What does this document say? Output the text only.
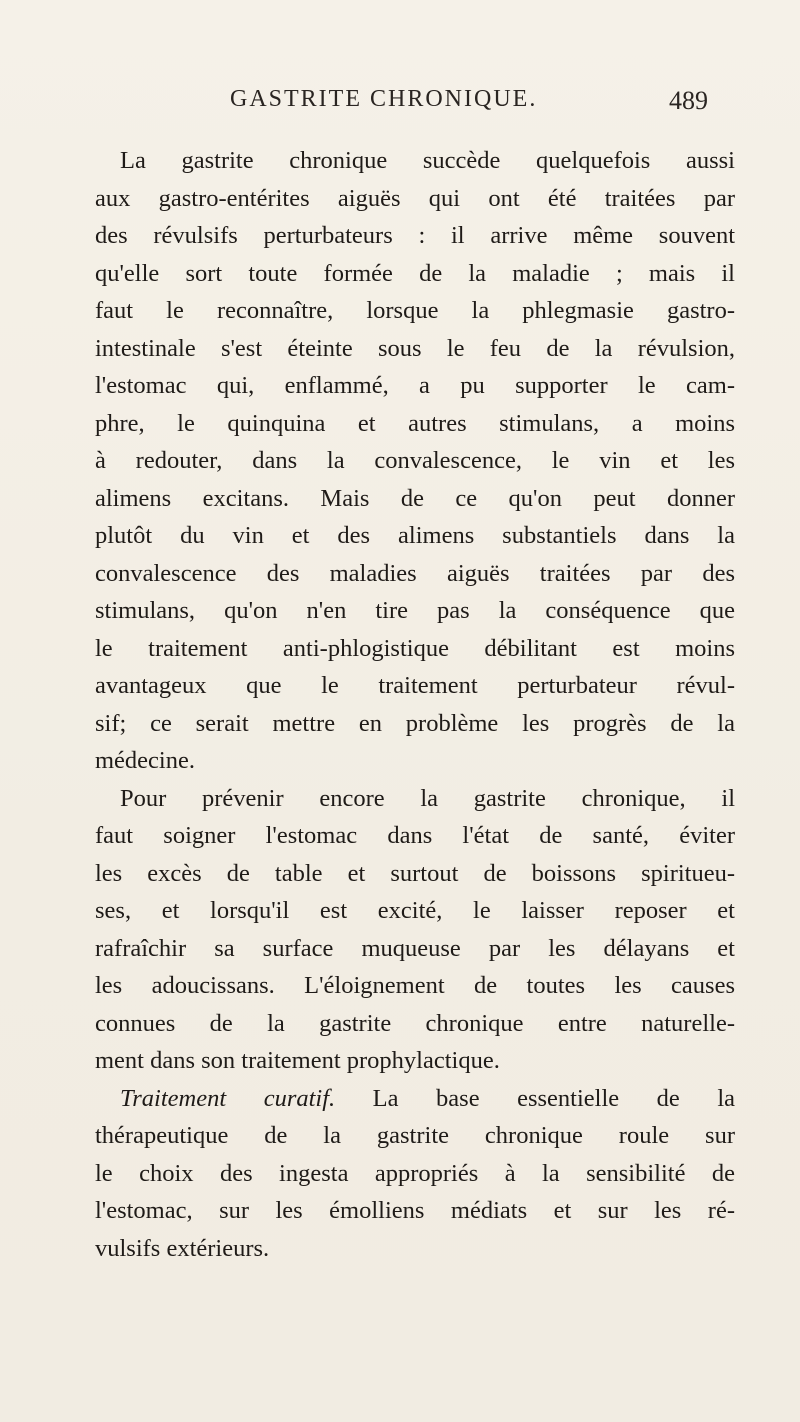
GASTRITE CHRONIQUE.	489
La gastrite chronique succède quelquefois aussi
aux gastro-entérites aiguës qui ont été traitées par
des révulsifs perturbateurs : il arrive même souvent
qu'elle sort toute formée de la maladie ; mais il
faut le reconnaître, lorsque la phlegmasie gastro-
intestinale s'est éteinte sous le feu de la révulsion,
l'estomac qui, enflammé, a pu supporter le cam-
phre, le quinquina et autres stimulans, a moins
à redouter, dans la convalescence, le vin et les
alimens excitans. Mais de ce qu'on peut donner
plutôt du vin et des alimens substantiels dans la
convalescence des maladies aiguës traitées par des
stimulans, qu'on n'en tire pas la conséquence que
le traitement anti-phlogistique débilitant est moins
avantageux que le traitement perturbateur révul-
sif; ce serait mettre en problème les progrès de la
médecine.
Pour prévenir encore la gastrite chronique, il
faut soigner l'estomac dans l'état de santé, éviter
les excès de table et surtout de boissons spiritueu-
ses, et lorsqu'il est excité, le laisser reposer et
rafraîchir sa surface muqueuse par les délayans et
les adoucissans. L'éloignement de toutes les causes
connues de la gastrite chronique entre naturelle-
ment dans son traitement prophylactique.
Traitement curatif. La base essentielle de la
thérapeutique de la gastrite chronique roule sur
le choix des ingesta appropriés à la sensibilité de
l'estomac, sur les émolliens médiats et sur les ré-
vulsifs extérieurs.
